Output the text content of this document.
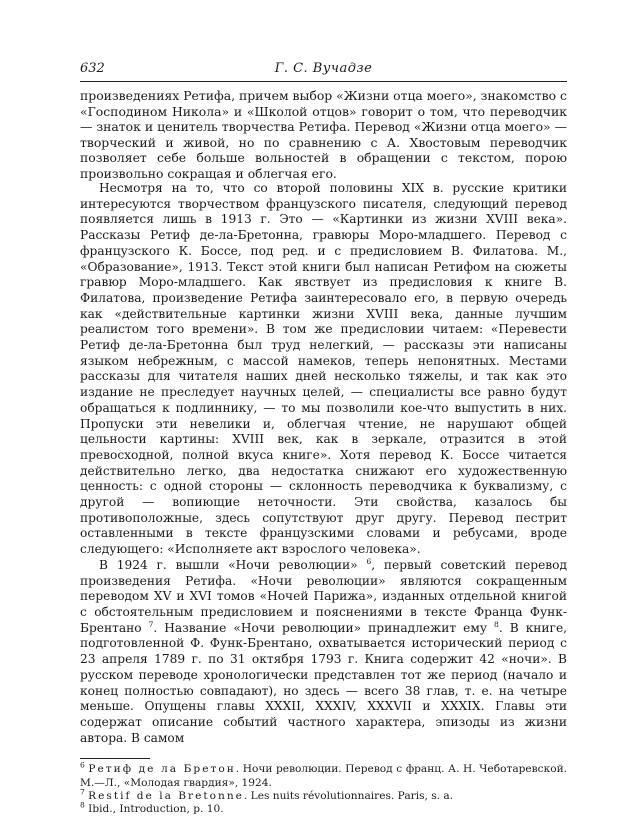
632	Г. С. Вучадзе

произведениях Ретифа, причем выбор «Жизни отца моего», знакомство с «Господином Никола» и «Школой отцов» говорит о том, что переводчик — знаток и ценитель творчества Ретифа. Перевод «Жизни отца моего» — творческий и живой, но по сравнению с А. Хвостовым переводчик позволяет себе больше вольностей в обращении с текстом, порою произвольно сокращая и облегчая его.

Несмотря на то, что со второй половины XIX в. русские критики интересуются творчеством французского писателя, следующий перевод появляется лишь в 1913 г. Это — «Картинки из жизни XVIII века». Рассказы Ретиф де-ла-Бретонна, гравюры Моро-младшего. Перевод с французского К. Боссе, под ред. и с предисловием В. Филатова. М., «Образование», 1913. Текст этой книги был написан Ретифом на сюжеты гравюр Моро-младшего. Как явствует из предисловия к книге В. Филатова, произведение Ретифа заинтересовало его, в первую очередь как «действительные картинки жизни XVIII века, данные лучшим реалистом того времени». В том же предисловии читаем: «Перевести Ретиф де-ла-Бретонна был труд нелегкий, — рассказы эти написаны языком небрежным, с массой намеков, теперь непонятных. Местами рассказы для читателя наших дней несколько тяжелы, и так как это издание не преследует научных целей, — специалисты все равно будут обращаться к подлиннику, — то мы позволили кое-что выпустить в них. Пропуски эти невелики и, облегчая чтение, не нарушают общей цельности картины: XVIII век, как в зеркале, отразится в этой превосходной, полной вкуса книге». Хотя перевод К. Боссе читается действительно легко, два недостатка снижают его художественную ценность: с одной стороны — склонность переводчика к буквализму, с другой — вопиющие неточности. Эти свойства, казалось бы противоположные, здесь сопутствуют друг другу. Перевод пестрит оставленными в тексте французскими словами и ребусами, вроде следующего: «Исполняете акт взрослого человека».

В 1924 г. вышли «Ночи революции» $^6$, первый советский перевод произведения Ретифа. «Ночи революции» являются сокращенным переводом XV и XVI томов «Ночей Парижа», изданных отдельной книгой с обстоятельным предисловием и пояснениями в тексте Франца Функ-Брентано $^7$. Название «Ночи революции» принадлежит ему $^8$. В книге, подготовленной Ф. Функ-Брентано, охватывается исторический период с 23 апреля 1789 г. по 31 октября 1793 г. Книга содержит 42 «ночи». В русском переводе хронологически представлен тот же период (начало и конец полностью совпадают), но здесь — всего 38 глав, т. е. на четыре меньше. Опущены главы XXXII, XXXIV, XXXVII и XXXIX. Главы эти содержат описание событий частного характера, эпизоды из жизни автора. В самом

$^6$ Ретиф де ла Бретон. Ночи революции. Перевод с франц. А. Н. Чеботаревской. М.—Л., «Молодая гвардия», 1924.

$^7$ Restif de la Bretonne. Les nuits révolutionnaires. Paris, s. a.

$^8$ Ibid., Introduction, p. 10.
